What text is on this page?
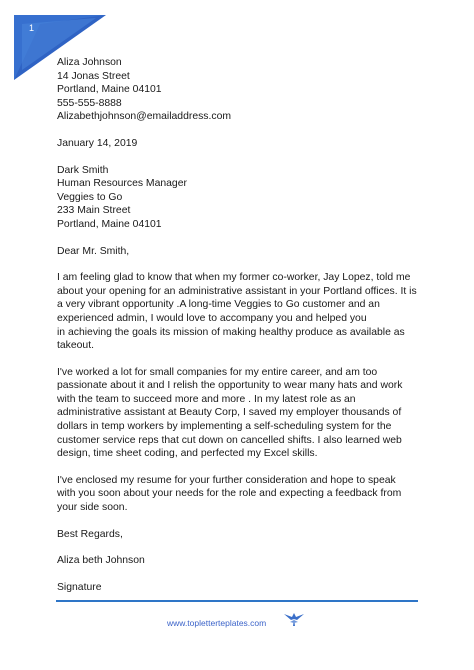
1
Aliza Johnson
14 Jonas Street
Portland, Maine 04101
555-555-8888
Alizabethjohnson@emailaddress.com
January 14, 2019
Dark Smith
Human Resources Manager
Veggies to Go
233 Main Street
Portland, Maine 04101
Dear Mr. Smith,
I am feeling glad to know that when my former co-worker, Jay Lopez, told me
about your opening for an administrative assistant in your Portland offices. It is
a very vibrant opportunity .A long-time Veggies to Go customer and an
experienced admin, I would love to accompany you and helped you
in achieving the goals its mission of making healthy produce as available as
takeout.
I've worked a lot for small companies for my entire career, and am too
passionate about it and I relish the opportunity to wear many hats and work
with the team to succeed more and more . In my latest role as an
administrative assistant at Beauty Corp, I saved my employer thousands of
dollars in temp workers by implementing a self-scheduling system for the
customer service reps that cut down on cancelled shifts. I also learned web
design, time sheet coding, and perfected my Excel skills.
I've enclosed my resume for your further consideration and hope to speak
with you soon about your needs for the role and expecting a feedback from
your side soon.
Best Regards,
Aliza beth Johnson
Signature
www.topletterteplates.com
